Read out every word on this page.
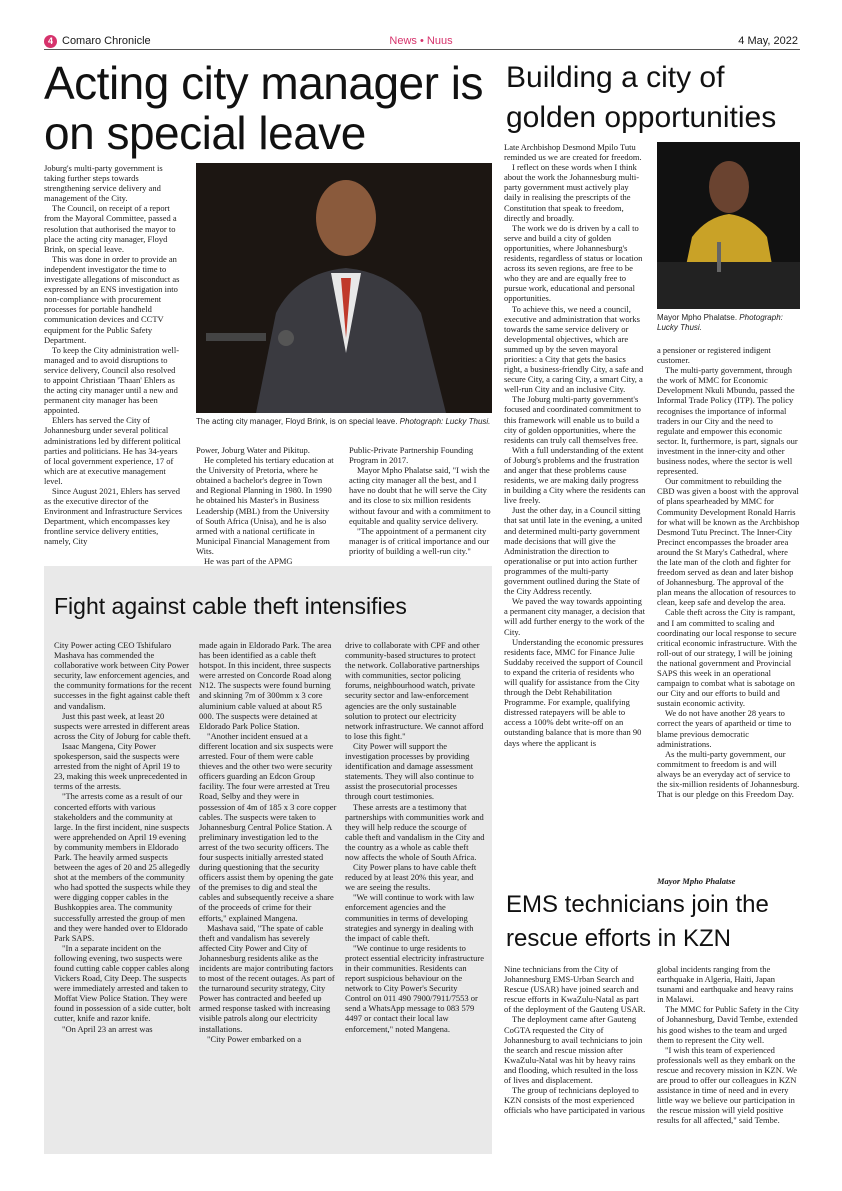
4 Comaro Chronicle	News • Nuus	4 May, 2022
Acting city manager is on special leave

Joburg's multi-party government is taking further steps towards strengthening service delivery and management of the City.

The Council, on receipt of a report from the Mayoral Committee, passed a resolution that authorised the mayor to place the acting city manager, Floyd Brink, on special leave.

This was done in order to provide an independent investigator the time to investigate allegations of misconduct as expressed by an ENS investigation into non-compliance with procurement processes for portable handheld communication devices and CCTV equipment for the Public Safety Department.

To keep the City administration well-managed and to avoid disruptions to service delivery, Council also resolved to appoint Christiaan 'Thaan' Ehlers as the acting city manager until a new and permanent city manager has been appointed.

Ehlers has served the City of Johannesburg under several political administrations led by different political parties and politicians. He has 34-years of local government experience, 17 of which are at executive management level.

Since August 2021, Ehlers has served as the executive director of the Environment and Infrastructure Services Department, which encompasses key frontline service delivery entities, namely, City

The acting city manager, Floyd Brink, is on special leave. Photograph: Lucky Thusi.

Power, Joburg Water and Pikitup.

He completed his tertiary education at the University of Pretoria, where he obtained a bachelor's degree in Town and Regional Planning in 1980. In 1990 he obtained his Master's in Business Leadership (MBL) from the University of South Africa (Unisa), and he is also armed with a national certificate in Municipal Financial Management from Wits.

He was part of the APMG

Public-Private Partnership Founding Program in 2017.

Mayor Mpho Phalatse said, "I wish the acting city manager all the best, and I have no doubt that he will serve the City and its close to six million residents without favour and with a commitment to equitable and quality service delivery.

"The appointment of a permanent city manager is of critical importance and our priority of building a well-run city."

Building a city of golden opportunities

Late Archbishop Desmond Mpilo Tutu reminded us we are created for freedom.

I reflect on these words when I think about the work the Johannesburg multi-party government must actively play daily in realising the prescripts of the Constitution that speak to freedom, directly and broadly.

The work we do is driven by a call to serve and build a city of golden opportunities, where Johannesburg's residents, regardless of status or location across its seven regions, are free to be who they are and are equally free to pursue work, educational and personal opportunities.

To achieve this, we need a council, executive and administration that works towards the same service delivery or developmental objectives, which are summed up by the seven mayoral priorities: a City that gets the basics right, a business-friendly City, a safe and secure City, a caring City, a smart City, a well-run City and an inclusive City.

The Joburg multi-party government's focused and coordinated commitment to this framework will enable us to build a city of golden opportunities, where the residents can truly call themselves free.

With a full understanding of the extent of Joburg's problems and the frustration and anger that these problems cause residents, we are making daily progress in building a City where the residents can live freely.

Just the other day, in a Council sitting that sat until late in the evening, a united and determined multi-party government made decisions that will give the Administration the direction to operationalise or put into action further programmes of the multi-party government outlined during the State of the City Address recently.

We paved the way towards appointing a permanent city manager, a decision that will add further energy to the work of the City.

Understanding the economic pressures residents face, MMC for Finance Julie Suddaby received the support of Council to expand the criteria of residents who will qualify for assistance from the City through the Debt Rehabilitation Programme. For example, qualifying distressed ratepayers will be able to access a 100% debt write-off on an outstanding balance that is more than 90 days where the applicant is

Mayor Mpho Phalatse. Photograph: Lucky Thusi.

a pensioner or registered indigent customer.

The multi-party government, through the work of MMC for Economic Development Nkuli Mbundu, passed the Informal Trade Policy (ITP). The policy recognises the importance of informal traders in our City and the need to regulate and empower this economic sector. It, furthermore, is part, signals our investment in the inner-city and other business nodes, where the sector is well represented.

Our commitment to rebuilding the CBD was given a boost with the approval of plans spearheaded by MMC for Community Development Ronald Harris for what will be known as the Archbishop Desmond Tutu Precinct. The Inner-City Precinct encompasses the broader area around the St Mary's Cathedral, where the late man of the cloth and fighter for freedom served as dean and later bishop of Johannesburg. The approval of the plan means the allocation of resources to clean, keep safe and develop the area.

Cable theft across the City is rampant, and I am committed to scaling and coordinating our local response to secure critical economic infrastructure. With the roll-out of our strategy, I will be joining the national government and Provincial SAPS this week in an operational campaign to combat what is sabotage on our City and our efforts to build and sustain economic activity.

We do not have another 28 years to correct the years of apartheid or time to blame previous democratic administrations.

As the multi-party government, our commitment to freedom is and will always be an everyday act of service to the six-million residents of Johannesburg. That is our pledge on this Freedom Day.

Mayor Mpho Phalatse
Fight against cable theft intensifies

City Power acting CEO Tshifularo Mashava has commended the collaborative work between City Power security, law enforcement agencies, and the community formations for the recent successes in the fight against cable theft and vandalism.

Just this past week, at least 20 suspects were arrested in different areas across the City of Joburg for cable theft.

Isaac Mangena, City Power spokesperson, said the suspects were arrested from the night of April 19 to 23, making this week unprecedented in terms of the arrests.

"The arrests come as a result of our concerted efforts with various stakeholders and the community at large. In the first incident, nine suspects were apprehended on April 19 evening by community members in Eldorado Park. The heavily armed suspects between the ages of 20 and 25 allegedly shot at the members of the community who had spotted the suspects while they were digging copper cables in the Bushkoppies area. The community successfully arrested the group of men and they were handed over to Eldorado Park SAPS.

"In a separate incident on the following evening, two suspects were found cutting cable copper cables along Vickers Road, City Deep. The suspects were immediately arrested and taken to Moffat View Police Station. They were found in possession of a side cutter, bolt cutter, knife and razor knife.

"On April 23 an arrest was

made again in Eldorado Park. The area has been identified as a cable theft hotspot. In this incident, three suspects were arrested on Concorde Road along N12. The suspects were found burning and skinning 7m of 300mm x 3 core aluminium cable valued at about R5 000. The suspects were detained at Eldorado Park Police Station.

"Another incident ensued at a different location and six suspects were arrested. Four of them were cable thieves and the other two were security officers guarding an Edcon Group facility. The four were arrested at Treu Road, Selby and they were in possession of 4m of 185 x 3 core copper cables. The suspects were taken to Johannesburg Central Police Station. A preliminary investigation led to the arrest of the two security officers. The four suspects initially arrested stated during questioning that the security officers assist them by opening the gate of the premises to dig and steal the cables and subsequently receive a share of the proceeds of crime for their efforts," explained Mangena.

Mashava said, "The spate of cable theft and vandalism has severely affected City Power and City of Johannesburg residents alike as the incidents are major contributing factors to most of the recent outages. As part of the turnaround security strategy, City Power has contracted and beefed up armed response tasked with increasing visible patrols along our electricity installations.

"City Power embarked on a

drive to collaborate with CPF and other community-based structures to protect the network. Collaborative partnerships with communities, sector policing forums, neighbourhood watch, private security sector and law-enforcement agencies are the only sustainable solution to protect our electricity network infrastructure. We cannot afford to lose this fight."

City Power will support the investigation processes by providing identification and damage assessment statements. They will also continue to assist the prosecutorial processes through court testimonies.

These arrests are a testimony that partnerships with communities work and they will help reduce the scourge of cable theft and vandalism in the City and the country as a whole as cable theft now affects the whole of South Africa.

City Power plans to have cable theft reduced by at least 20% this year, and we are seeing the results.

"We will continue to work with law enforcement agencies and the communities in terms of developing strategies and synergy in dealing with the impact of cable theft.

"We continue to urge residents to protect essential electricity infrastructure in their communities. Residents can report suspicious behaviour on the network to City Power's Security Control on 011 490 7900/7911/7553 or send a WhatsApp message to 083 579 4497 or contact their local law enforcement," noted Mangena.

EMS technicians join the rescue efforts in KZN

Nine technicians from the City of Johannesburg EMS-Urban Search and Rescue (USAR) have joined search and rescue efforts in KwaZulu-Natal as part of the deployment of the Gauteng USAR.

The deployment came after Gauteng CoGTA requested the City of Johannesburg to avail technicians to join the search and rescue mission after KwaZulu-Natal was hit by heavy rains and flooding, which resulted in the loss of lives and displacement.

The group of technicians deployed to KZN consists of the most experienced officials who have participated in various

global incidents ranging from the earthquake in Algeria, Haiti, Japan tsunami and earthquake and heavy rains in Malawi.

The MMC for Public Safety in the City of Johannesburg, David Tembe, extended his good wishes to the team and urged them to represent the City well.

"I wish this team of experienced professionals well as they embark on the rescue and recovery mission in KZN. We are proud to offer our colleagues in KZN assistance in time of need and in every little way we believe our participation in the rescue mission will yield positive results for all affected," said Tembe.
